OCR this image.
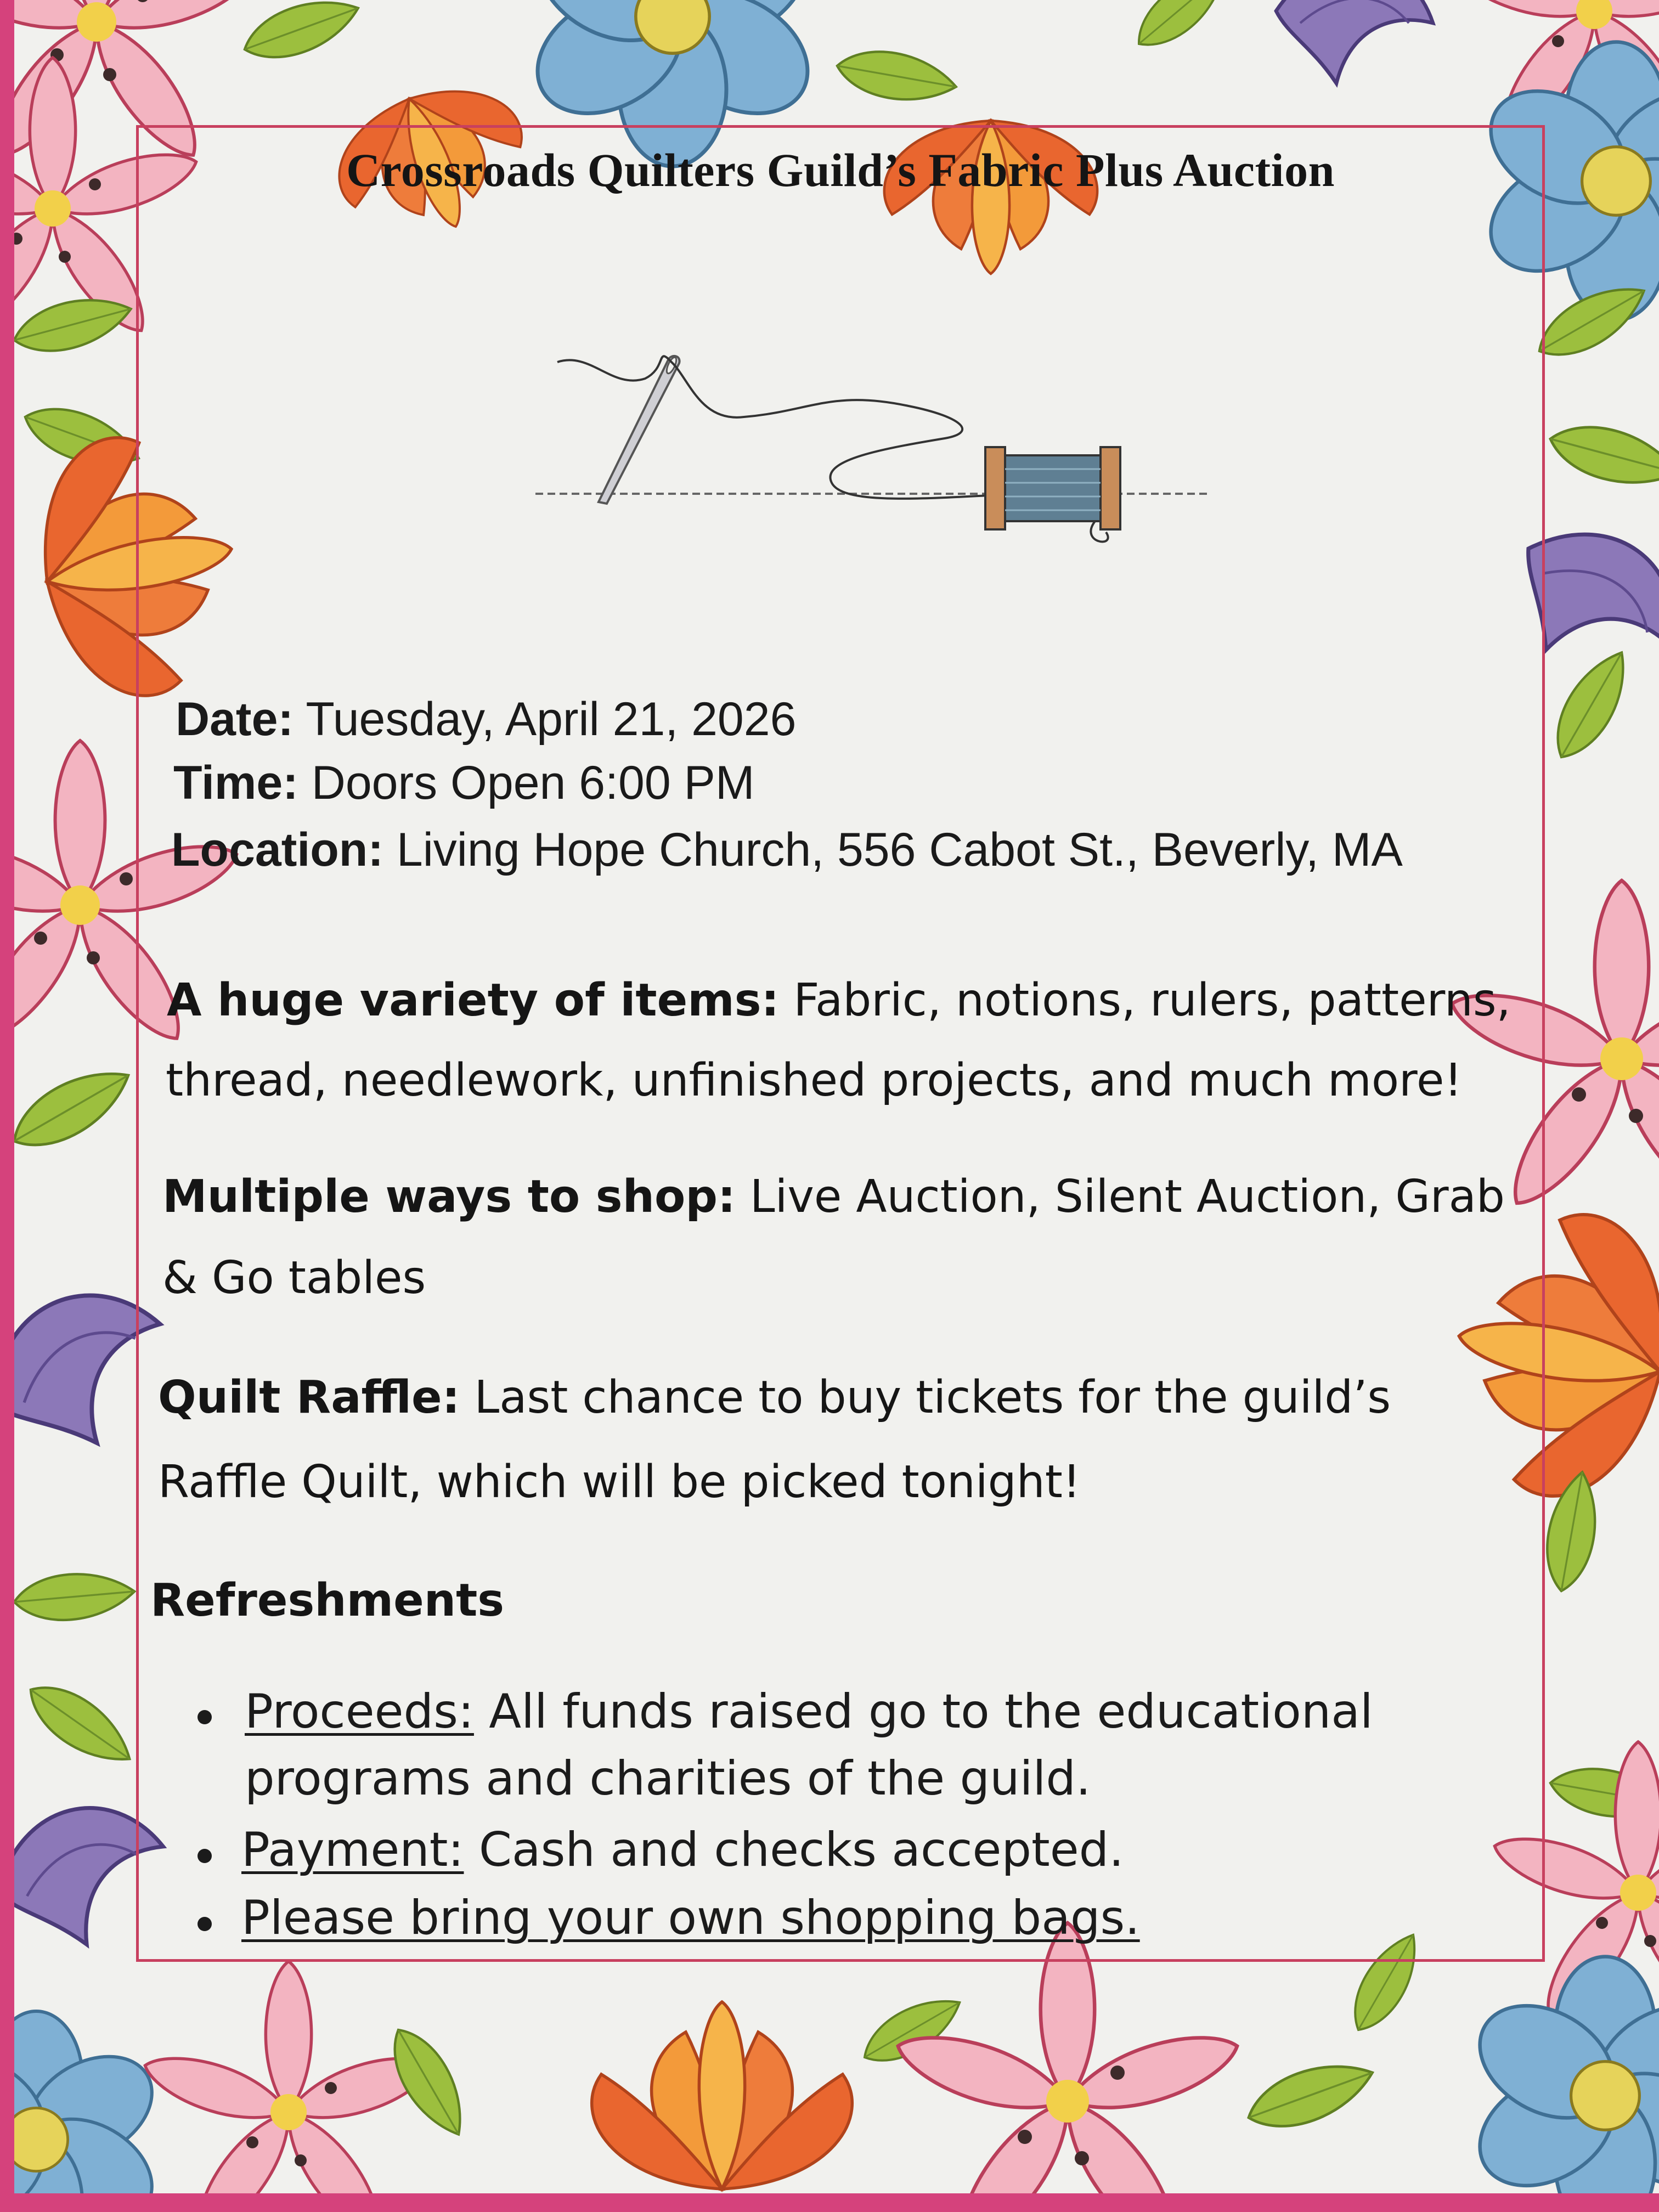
Crossroads Quilters Guild’s Fabric Plus Auction
Date: Tuesday, April 21, 2026
Time: Doors Open 6:00 PM
Location: Living Hope Church, 556 Cabot St., Beverly, MA
A huge variety of items: Fabric, notions, rulers, patterns,
thread, needlework, unfinished projects, and much more!
Multiple ways to shop: Live Auction, Silent Auction, Grab
& Go tables
Quilt Raffle: Last chance to buy tickets for the guild’s
Raffle Quilt, which will be picked tonight!
Refreshments
Proceeds: All funds raised go to the educational
programs and charities of the guild.
Payment: Cash and checks accepted.
Please bring your own shopping bags.
